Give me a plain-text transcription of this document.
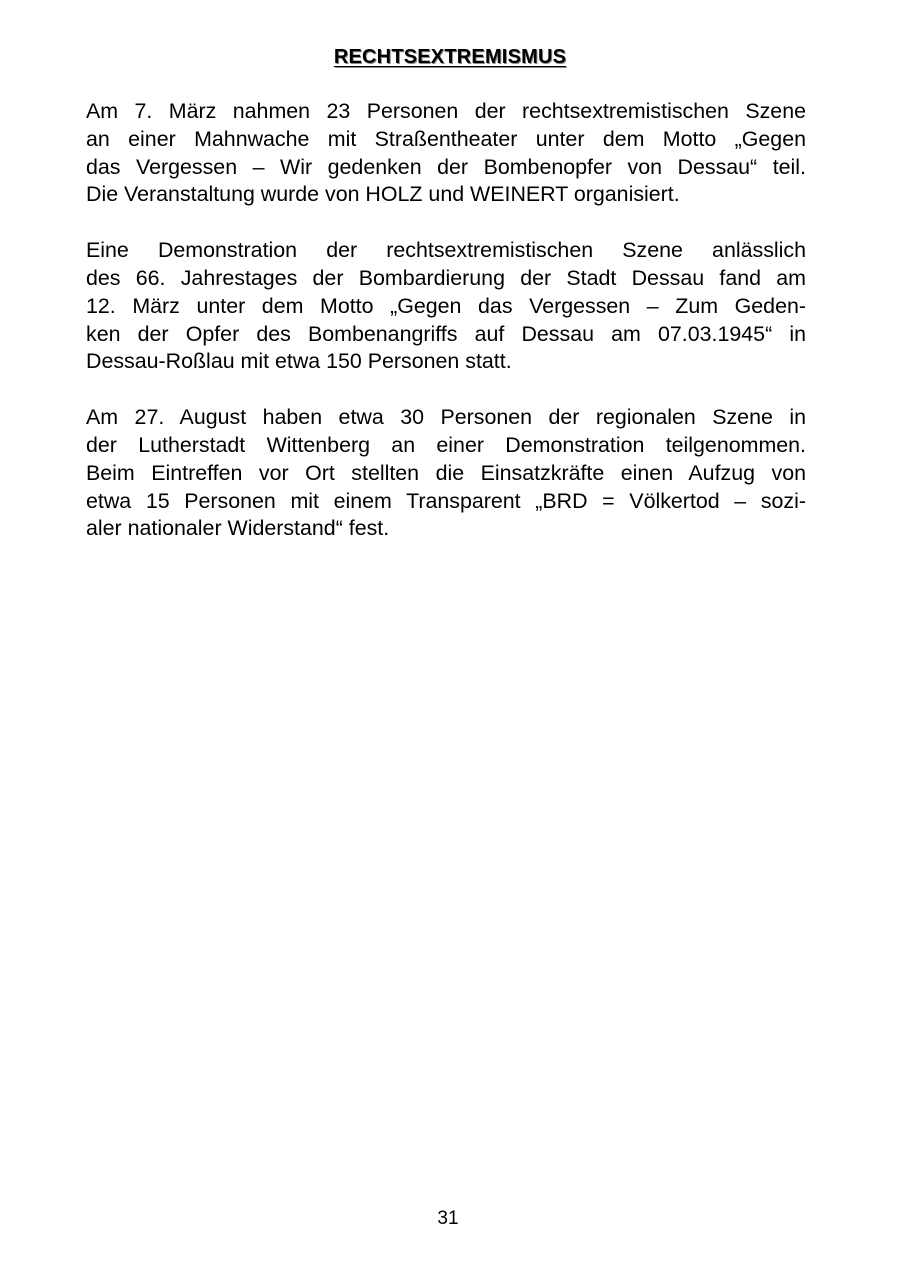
RECHTSEXTREMISMUS

Am 7. März nahmen 23 Personen der rechtsextremistischen Szene
an einer Mahnwache mit Straßentheater unter dem Motto „Gegen
das Vergessen – Wir gedenken der Bombenopfer von Dessau“ teil.
Die Veranstaltung wurde von HOLZ und WEINERT organisiert.

Eine Demonstration der rechtsextremistischen Szene anlässlich
des 66. Jahrestages der Bombardierung der Stadt Dessau fand am
12. März unter dem Motto „Gegen das Vergessen – Zum Geden-
ken der Opfer des Bombenangriffs auf Dessau am 07.03.1945“ in
Dessau-Roßlau mit etwa 150 Personen statt.

Am 27. August haben etwa 30 Personen der regionalen Szene in
der Lutherstadt Wittenberg an einer Demonstration teilgenommen.
Beim Eintreffen vor Ort stellten die Einsatzkräfte einen Aufzug von
etwa 15 Personen mit einem Transparent „BRD = Völkertod – sozi-
aler nationaler Widerstand“ fest.

31
